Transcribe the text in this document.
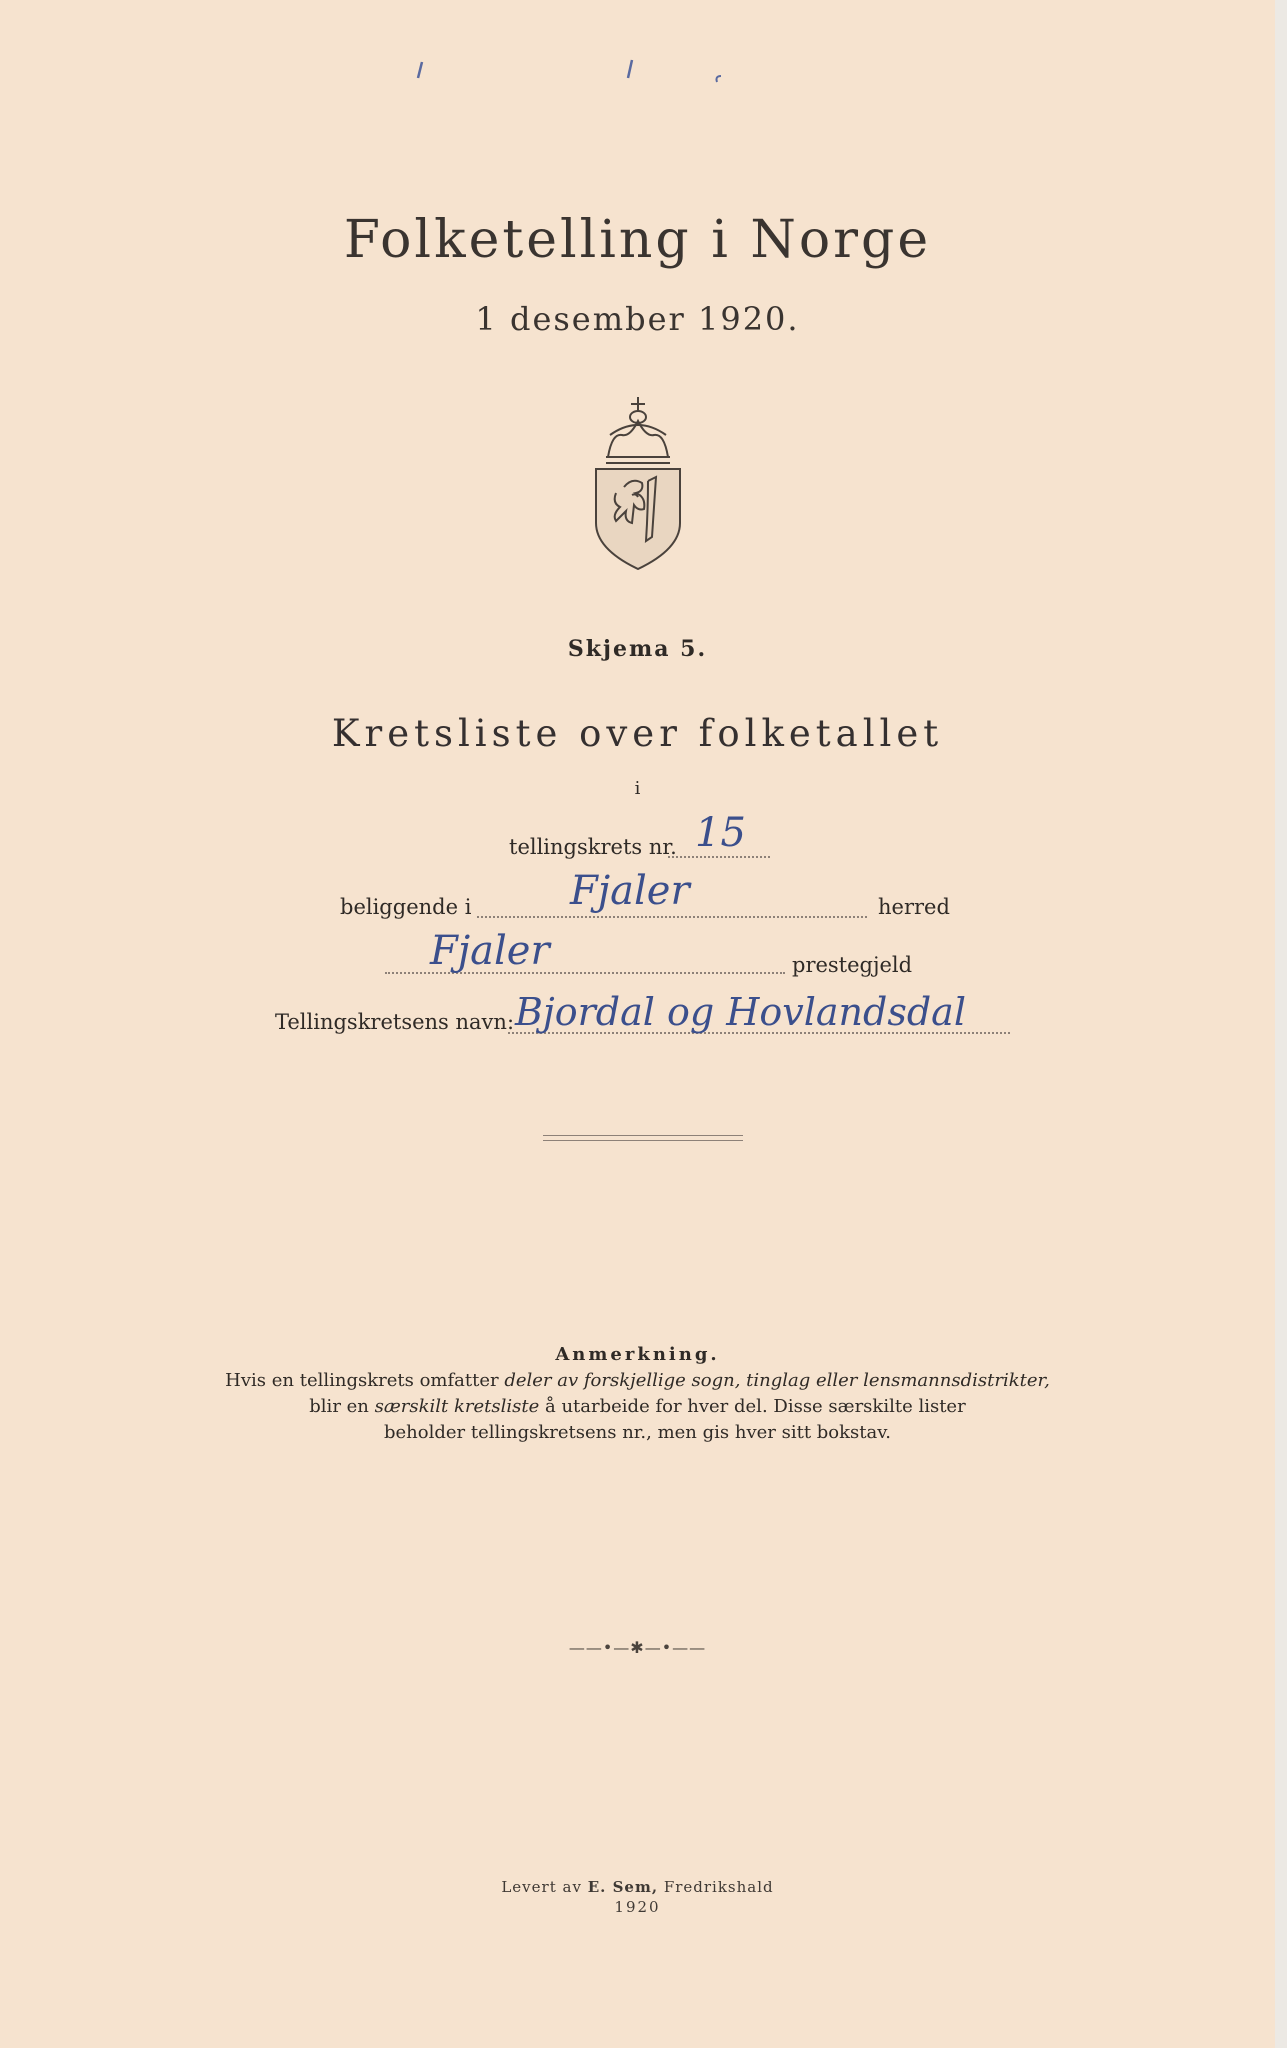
Folketelling i Norge
1 desember 1920.
Skjema 5.
Kretsliste over folketallet
i
tellingskrets nr. 15
beliggende i Fjaler	herred
Fjaler	prestegjeld
Tellingskretsens navn: Bjordal og Hovlandsdal
Anmerkning.
Hvis en tellingskrets omfatter deler av forskjellige sogn, tinglag eller lensmannsdistrikter,
blir en særskilt kretsliste å utarbeide for hver del. Disse særskilte lister
beholder tellingskretsens nr., men gis hver sitt bokstav.
——•—✱—•——
Levert av E. Sem, Fredrikshald
1920
